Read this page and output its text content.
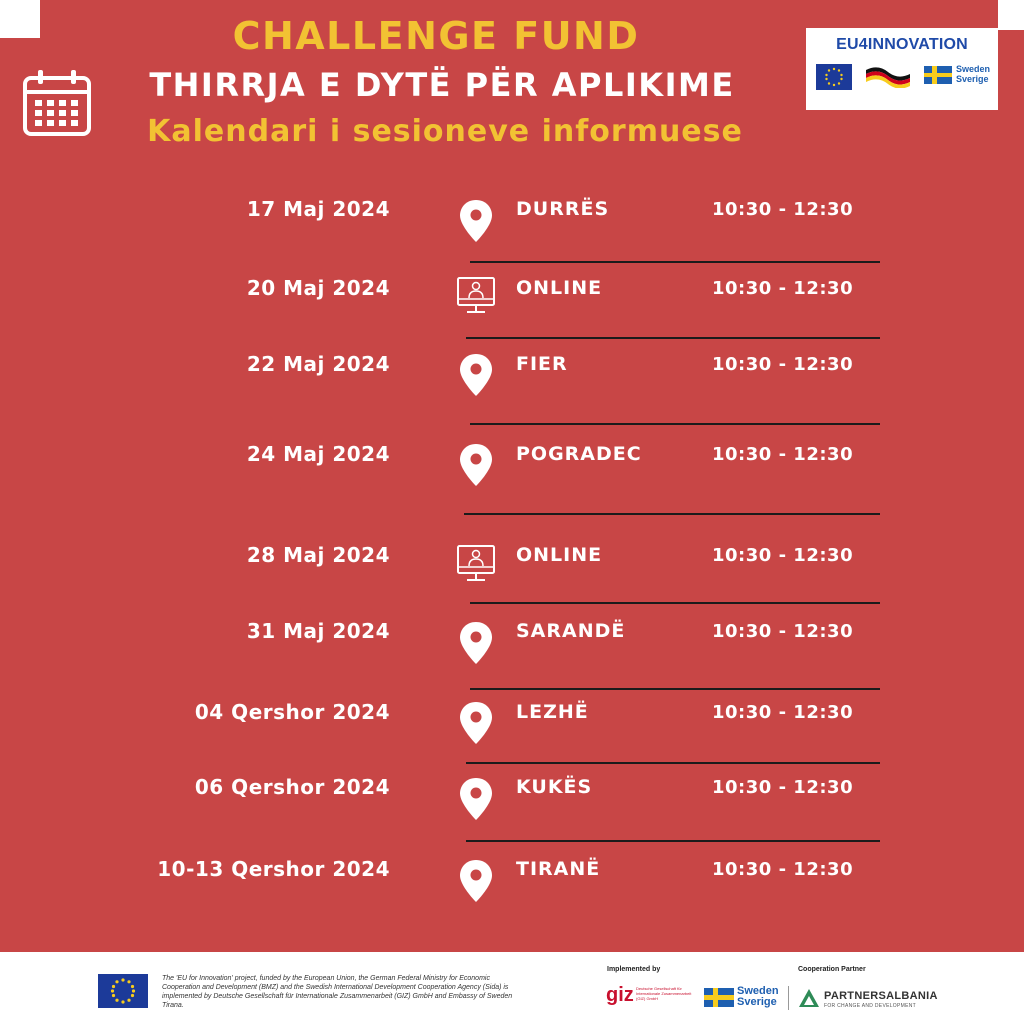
CHALLENGE FUND
THIRRJA E DYTË PËR APLIKIME
Kalendari i sesioneve informuese
EU4INNOVATION
Sweden
Sverige
17 Maj 2024	DURRËS	10:30 - 12:30
20 Maj 2024	ONLINE	10:30 - 12:30
22 Maj 2024	FIER	10:30 - 12:30
24 Maj 2024	POGRADEC	10:30 - 12:30
28 Maj 2024	ONLINE	10:30 - 12:30
31 Maj 2024	SARANDË	10:30 - 12:30
04 Qershor 2024	LEZHË	10:30 - 12:30
06 Qershor 2024	KUKËS	10:30 - 12:30
10-13 Qershor 2024	TIRANË	10:30 - 12:30
The 'EU for Innovation' project, funded by the European Union, the German Federal Ministry for Economic Cooperation and Development (BMZ) and the Swedish International Development Cooperation Agency (Sida) is implemented by Deutsche Gesellschaft für Internationale Zusammenarbeit (GIZ) GmbH and Embassy of Sweden Tirana.
Implemented by	Cooperation Partner
giz Deutsche Gesellschaft für Internationale Zusammenarbeit (GIZ) GmbH
Sweden
Sverige	PARTNERSALBANIA
FOR CHANGE AND DEVELOPMENT
